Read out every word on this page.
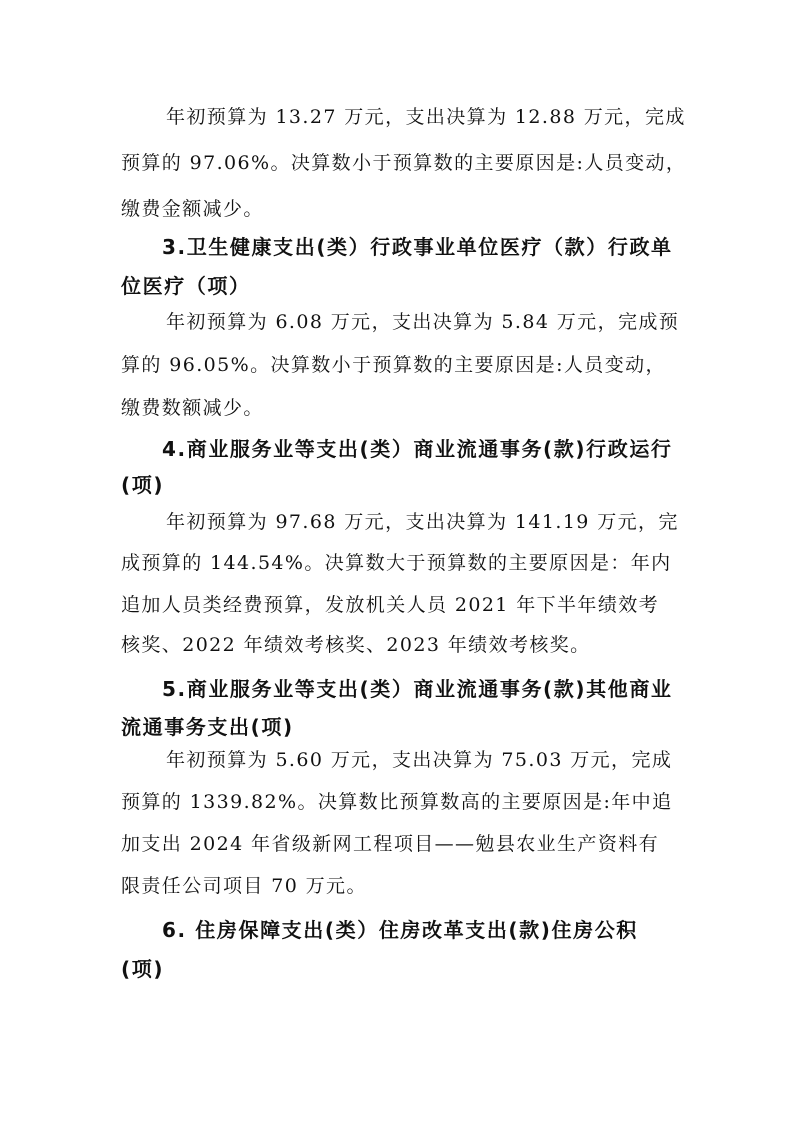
年初预算为 13.27 万元，支出决算为 12.88 万元，完成
预算的 97.06%。决算数小于预算数的主要原因是:人员变动，
缴费金额减少。
3.卫生健康支出(类）行政事业单位医疗（款）行政单
位医疗（项）
年初预算为 6.08 万元，支出决算为 5.84 万元，完成预
算的 96.05%。决算数小于预算数的主要原因是:人员变动，
缴费数额减少。
4.商业服务业等支出(类）商业流通事务(款)行政运行
(项)
年初预算为 97.68 万元，支出决算为 141.19 万元，完
成预算的 144.54%。决算数大于预算数的主要原因是：年内
追加人员类经费预算，发放机关人员 2021 年下半年绩效考
核奖、2022 年绩效考核奖、2023 年绩效考核奖。
5.商业服务业等支出(类）商业流通事务(款)其他商业
流通事务支出(项)
年初预算为 5.60 万元，支出决算为 75.03 万元，完成
预算的 1339.82%。决算数比预算数高的主要原因是:年中追
加支出 2024 年省级新网工程项目——勉县农业生产资料有
限责任公司项目 70 万元。
6. 住房保障支出(类）住房改革支出(款)住房公积
(项)
